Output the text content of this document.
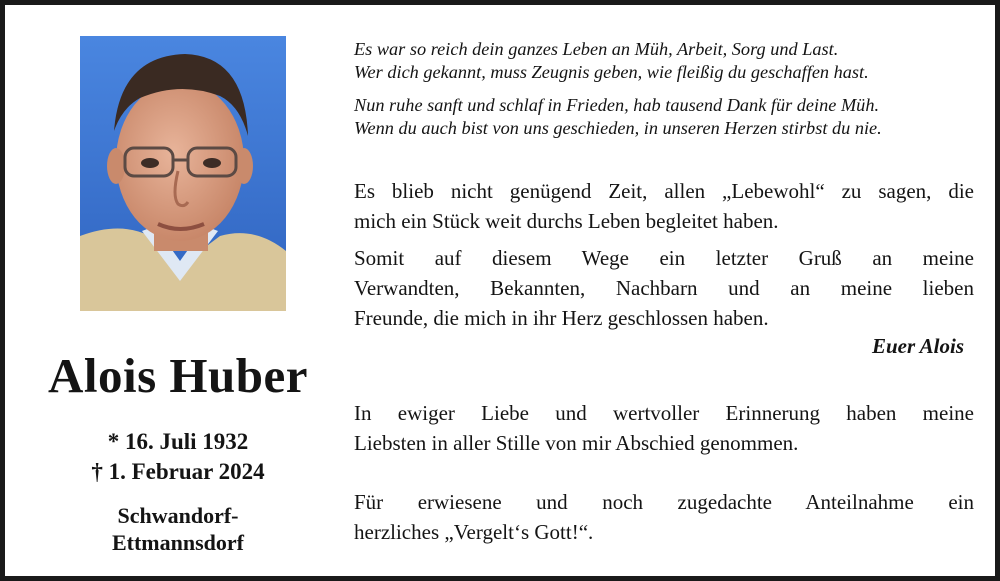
Alois Huber
* 16. Juli 1932
† 1. Februar 2024
Schwandorf-
Ettmannsdorf
Es war so reich dein ganzes Leben an Müh, Arbeit, Sorg und Last.
Wer dich gekannt, muss Zeugnis geben, wie fleißig du geschaffen hast.
Nun ruhe sanft und schlaf in Frieden, hab tausend Dank für deine Müh.
Wenn du auch bist von uns geschieden, in unseren Herzen stirbst du nie.
Es blieb nicht genügend Zeit, allen „Lebewohl“ zu sagen, die
mich ein Stück weit durchs Leben begleitet haben.
Somit auf diesem Wege ein letzter Gruß an meine
Verwandten, Bekannten, Nachbarn und an meine lieben
Freunde, die mich in ihr Herz geschlossen haben.
Euer Alois
In ewiger Liebe und wertvoller Erinnerung haben meine
Liebsten in aller Stille von mir Abschied genommen.
Für erwiesene und noch zugedachte Anteilnahme ein
herzliches „Vergelt‘s Gott!“.
